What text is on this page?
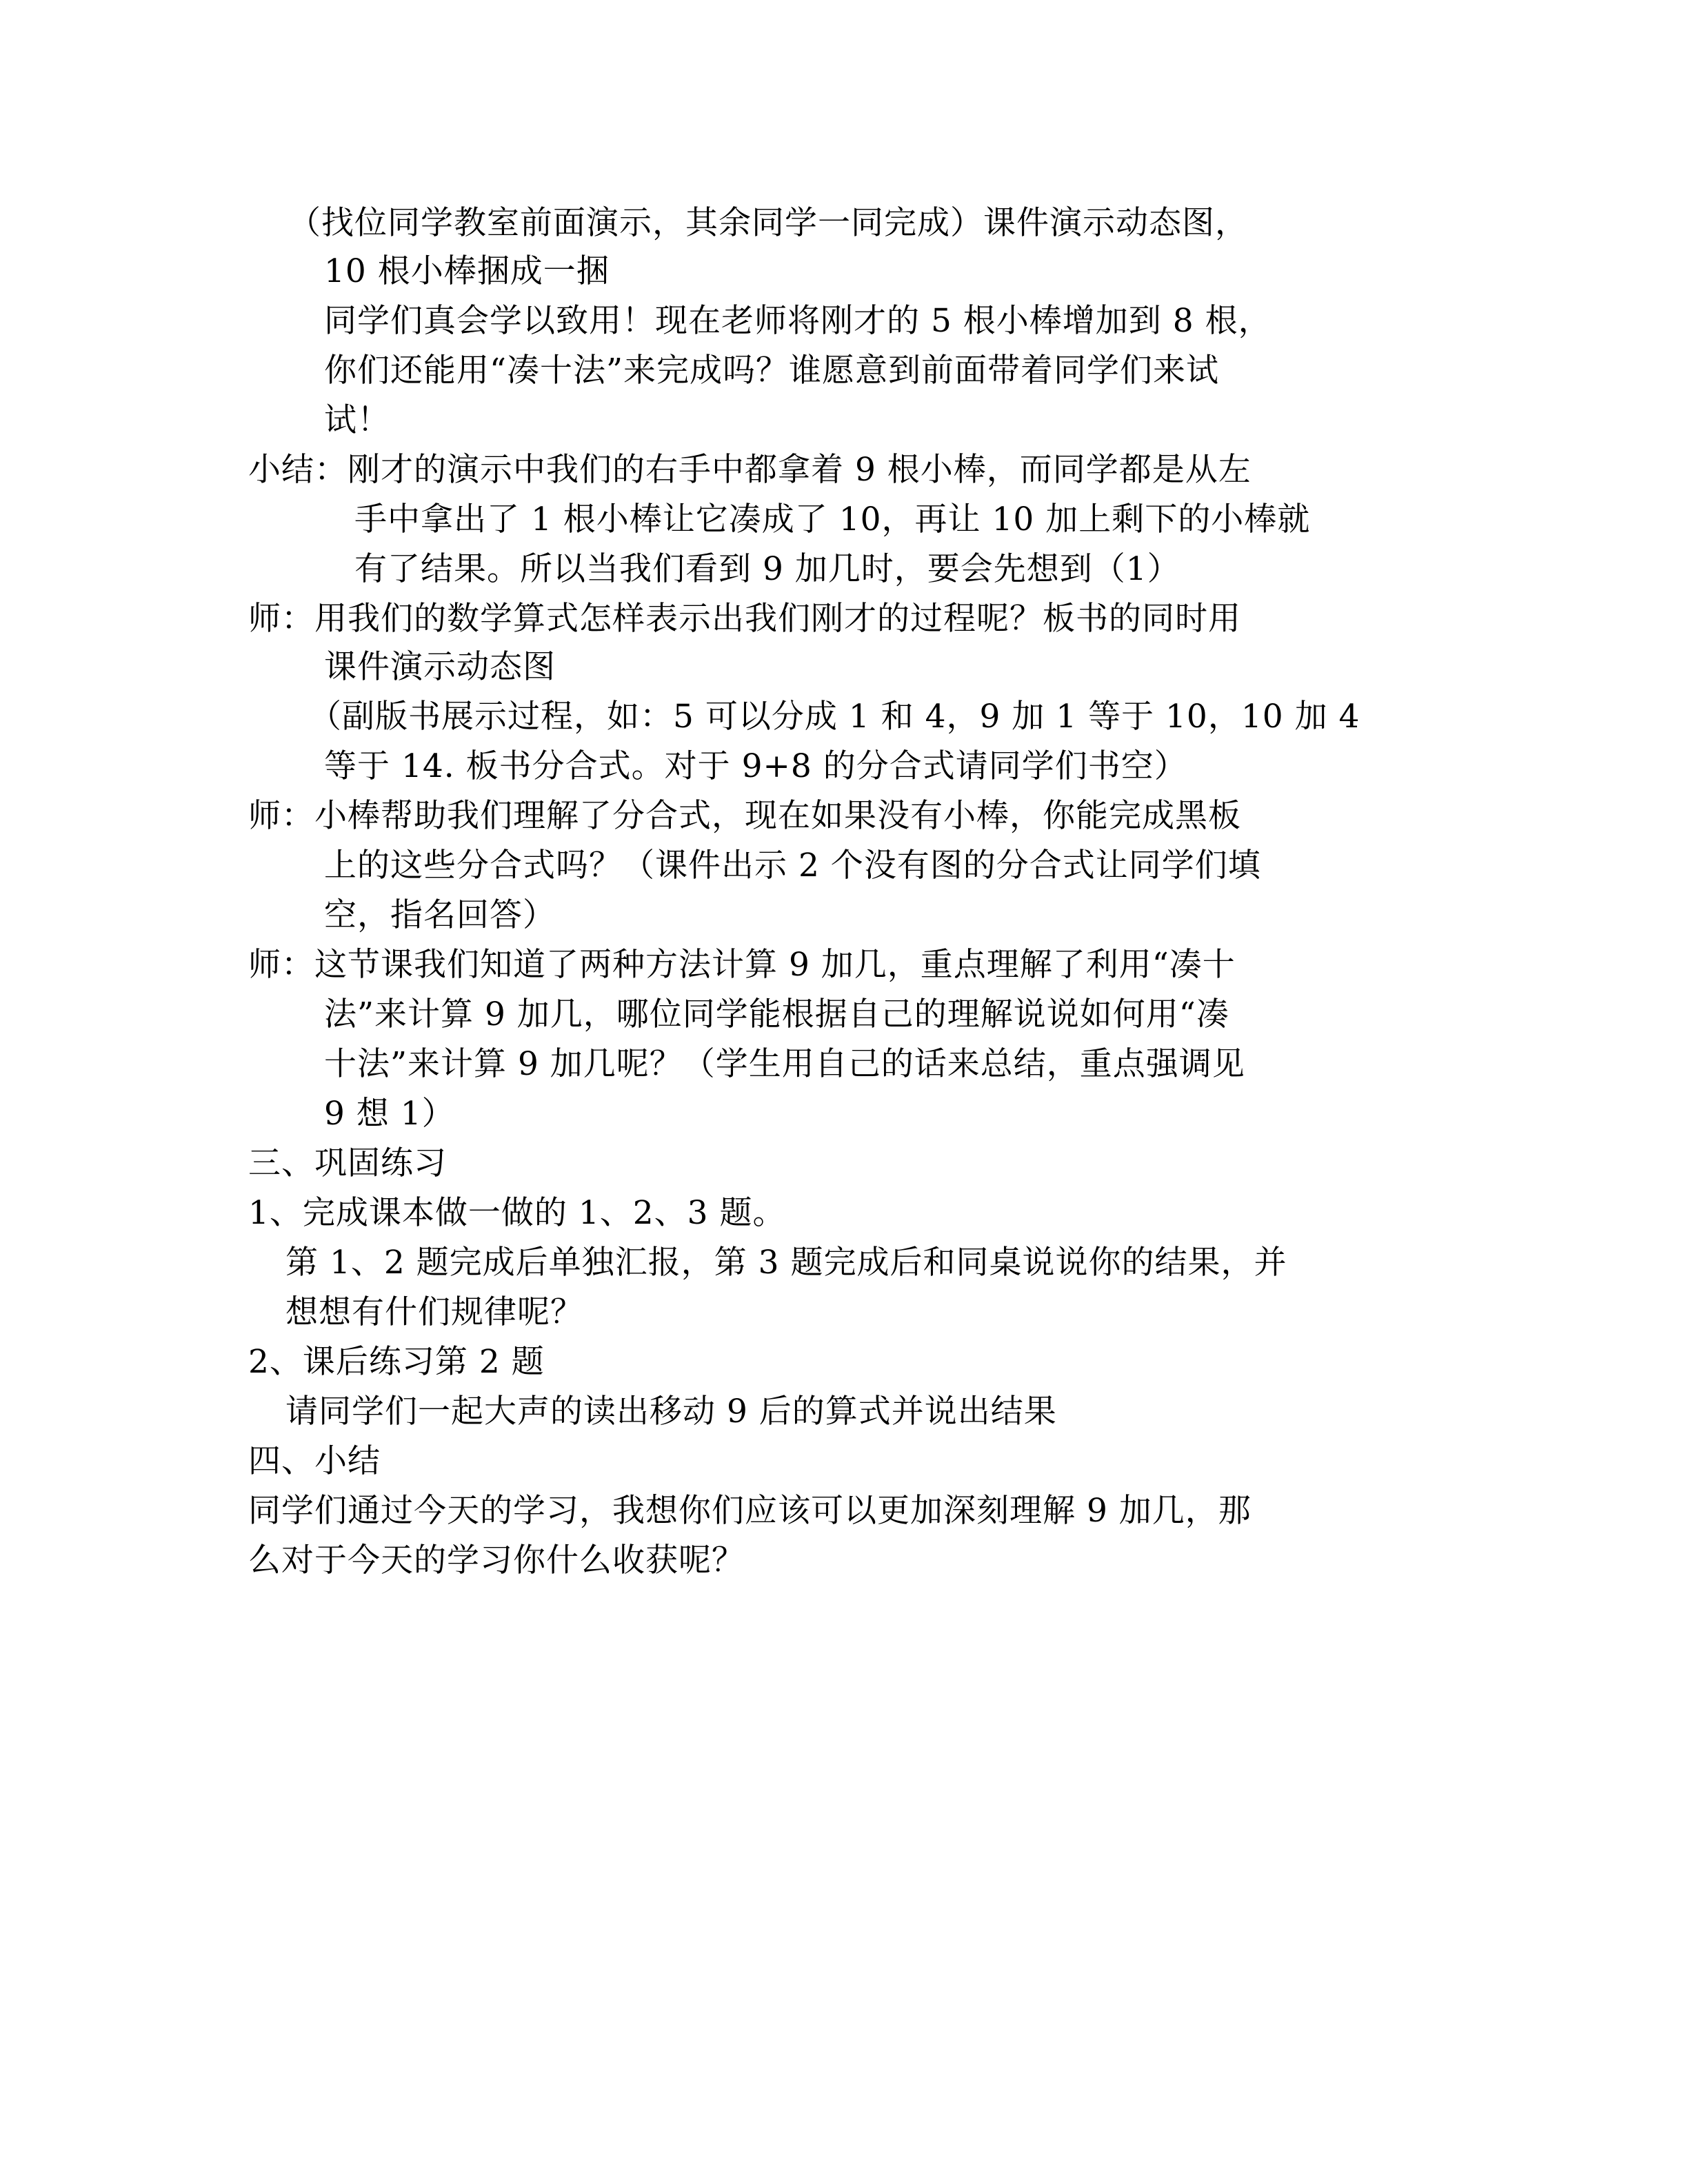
（找位同学教室前面演示，其余同学一同完成）课件演示动态图，
10 根小棒捆成一捆
同学们真会学以致用！现在老师将刚才的 5 根小棒增加到 8 根，
你们还能用“凑十法”来完成吗？谁愿意到前面带着同学们来试
试！
小结：刚才的演示中我们的右手中都拿着 9 根小棒，而同学都是从左
手中拿出了 1 根小棒让它凑成了 10，再让 10 加上剩下的小棒就
有了结果。所以当我们看到 9 加几时，要会先想到（1）
师：用我们的数学算式怎样表示出我们刚才的过程呢？板书的同时用
课件演示动态图
（副版书展示过程，如：5 可以分成 1 和 4，9 加 1 等于 10，10 加 4
等于 14. 板书分合式。对于 9+8 的分合式请同学们书空）
师：小棒帮助我们理解了分合式，现在如果没有小棒，你能完成黑板
上的这些分合式吗？（课件出示 2 个没有图的分合式让同学们填
空，指名回答）
师：这节课我们知道了两种方法计算 9 加几，重点理解了利用“凑十
法”来计算 9 加几，哪位同学能根据自己的理解说说如何用“凑
十法”来计算 9 加几呢？（学生用自己的话来总结，重点强调见
9 想 1）
三、巩固练习
1、完成课本做一做的 1、2、3 题。
第 1、2 题完成后单独汇报，第 3 题完成后和同桌说说你的结果，并
想想有什们规律呢？
2、课后练习第 2 题
请同学们一起大声的读出移动 9 后的算式并说出结果
四、小结
同学们通过今天的学习，我想你们应该可以更加深刻理解 9 加几，那
么对于今天的学习你什么收获呢？
